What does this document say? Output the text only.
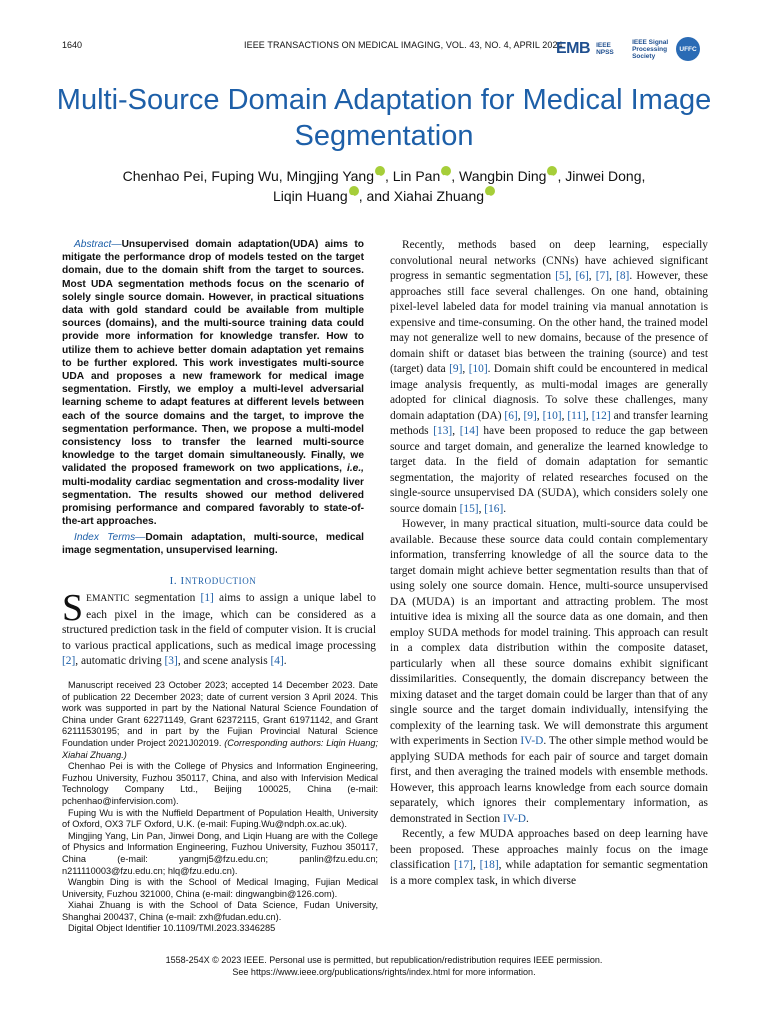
1640	IEEE TRANSACTIONS ON MEDICAL IMAGING, VOL. 43, NO. 4, APRIL 2024
EMB IEEE NPSS
IEEE Signal Processing Society
UFFC
Multi-Source Domain Adaptation for Medical Image Segmentation
Chenhao Pei, Fuping Wu, Mingjing Yang ID , Lin Pan ID , Wangbin Ding ID , Jinwei Dong,
Liqin Huang ID , and Xiahai ZhuangID
Abstract—Unsupervised domain adaptation(UDA) aims to mitigate the performance drop of models tested on the target domain, due to the domain shift from the target to sources. Most UDA segmentation methods focus on the scenario of solely single source domain. However, in practical situations data with gold standard could be available from multiple sources (domains), and the multi-source training data could provide more information for knowledge transfer. How to utilize them to achieve better domain adaptation yet remains to be further explored. This work investigates multi-source UDA and proposes a new framework for medical image segmentation. Firstly, we employ a multi-level adversarial learning scheme to adapt features at different levels between each of the source domains and the target, to improve the segmentation performance. Then, we propose a multi-model consistency loss to transfer the learned multi-source knowledge to the target domain simultaneously. Finally, we validated the proposed framework on two applications, i.e., multi-modality cardiac segmentation and cross-modality liver segmentation. The results showed our method delivered promising performance and compared favorably to state-of-the-art approaches.
Index Terms—Domain adaptation, multi-source, medical image segmentation, unsupervised learning.
I. INTRODUCTION
SEMANTIC segmentation [1] aims to assign a unique label to each pixel in the image, which can be considered as a structured prediction task in the field of computer vision. It is crucial to various practical applications, such as medical image processing [2], automatic driving [3], and scene analysis [4].

Manuscript received 23 October 2023; accepted 14 December 2023. Date of publication 22 December 2023; date of current version 3 April 2024. This work was supported in part by the National Natural Science Foundation of China under Grant 62271149, Grant 62372115, Grant 61971142, and Grant 62111530195; and in part by the Fujian Provincial Natural Science Foundation under Project 2021J02019. (Corresponding authors: Liqin Huang; Xiahai Zhuang.)

Chenhao Pei is with the College of Physics and Information Engineering, Fuzhou University, Fuzhou 350117, China, and also with Infervision Medical Technology Company Ltd., Beijing 100025, China (e-mail: pchenhao@infervision.com).

Fuping Wu is with the Nuffield Department of Population Health, University of Oxford, OX3 7LF Oxford, U.K. (e-mail: Fuping.Wu@ndph.ox.ac.uk).

Mingjing Yang, Lin Pan, Jinwei Dong, and Liqin Huang are with the College of Physics and Information Engineering, Fuzhou University, Fuzhou 350117, China (e-mail: yangmj5@fzu.edu.cn; panlin@fzu.edu.cn; n211110003@fzu.edu.cn; hlq@fzu.edu.cn).

Wangbin Ding is with the School of Medical Imaging, Fujian Medical University, Fuzhou 321000, China (e-mail: dingwangbin@126.com).

Xiahai Zhuang is with the School of Data Science, Fudan University, Shanghai 200437, China (e-mail: zxh@fudan.edu.cn).

Digital Object Identifier 10.1109/TMI.2023.3346285

Recently, methods based on deep learning, especially convolutional neural networks (CNNs) have achieved significant progress in semantic segmentation [5], [6], [7], [8]. However, these approaches still face several challenges. On one hand, obtaining pixel-level labeled data for model training via manual annotation is expensive and time-consuming. On the other hand, the trained model may not generalize well to new domains, because of the presence of domain shift or dataset bias between the training (source) and test (target) data [9], [10]. Domain shift could be encountered in medical image analysis frequently, as multi-modal images are generally adopted for clinical diagnosis. To solve these challenges, many domain adaptation (DA) [6], [9], [10], [11], [12] and transfer learning methods [13], [14] have been proposed to reduce the gap between source and target domain, and generalize the learned knowledge to target data. In the field of domain adaptation for semantic segmentation, the majority of related researches focused on the single-source unsupervised DA (SUDA), which considers solely one source domain [15], [16].

However, in many practical situation, multi-source data could be available. Because these source data could contain complementary information, transferring knowledge of all the source data to the target domain might achieve better segmentation results than that of using solely one source domain. Hence, multi-source unsupervised DA (MUDA) is an important and attracting problem. The most intuitive idea is mixing all the source data as one domain, and then employ SUDA methods for model training. This approach can result in a complex data distribution within the composite dataset, particularly when all these source domains exhibit significant dissimilarities. Consequently, the domain discrepancy between the mixing dataset and the target domain could be larger than that of any single source and the target domain individually, intensifying the complexity of the learning task. We will demonstrate this argument with experiments in Section IV-D. The other simple method would be applying SUDA methods for each pair of source and target domain first, and then averaging the trained models with ensemble methods. However, this approach learns knowledge from each source domain separately, which ignores their complementary information, as demonstrated in Section IV-D.

Recently, a few MUDA approaches based on deep learning have been proposed. These approaches mainly focus on the image classification [17], [18], while adaptation for semantic segmentation is a more complex task, in which diverse

1558-254X © 2023 IEEE. Personal use is permitted, but republication/redistribution requires IEEE permission.
See https://www.ieee.org/publications/rights/index.html for more information.
